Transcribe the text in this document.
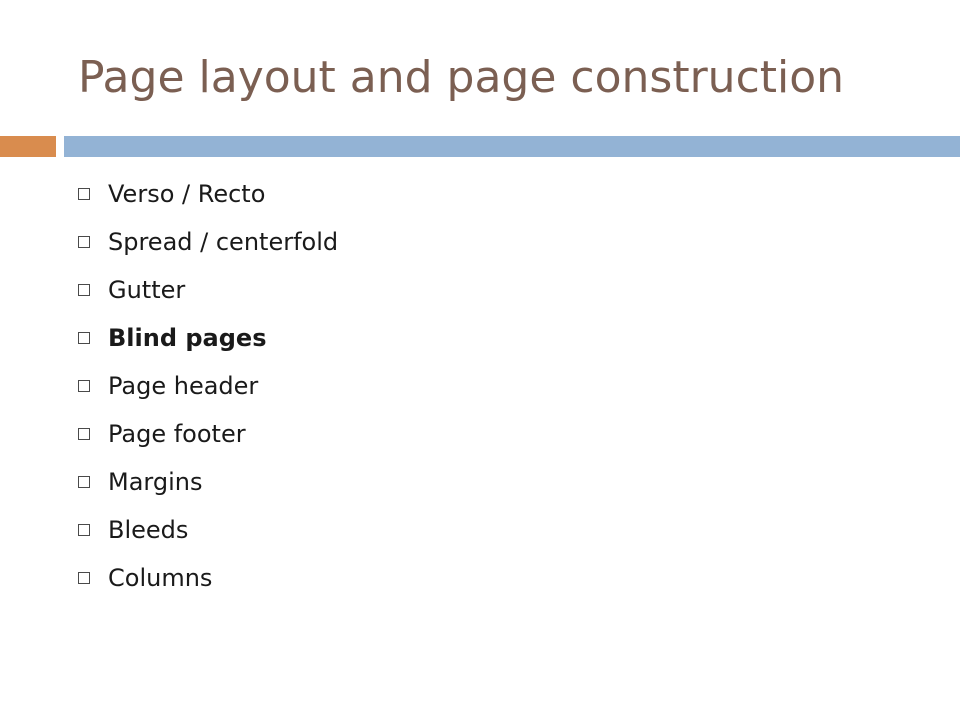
Page layout and page construction
Verso / Recto
Spread / centerfold
Gutter
Blind pages
Page header
Page footer
Margins
Bleeds
Columns
